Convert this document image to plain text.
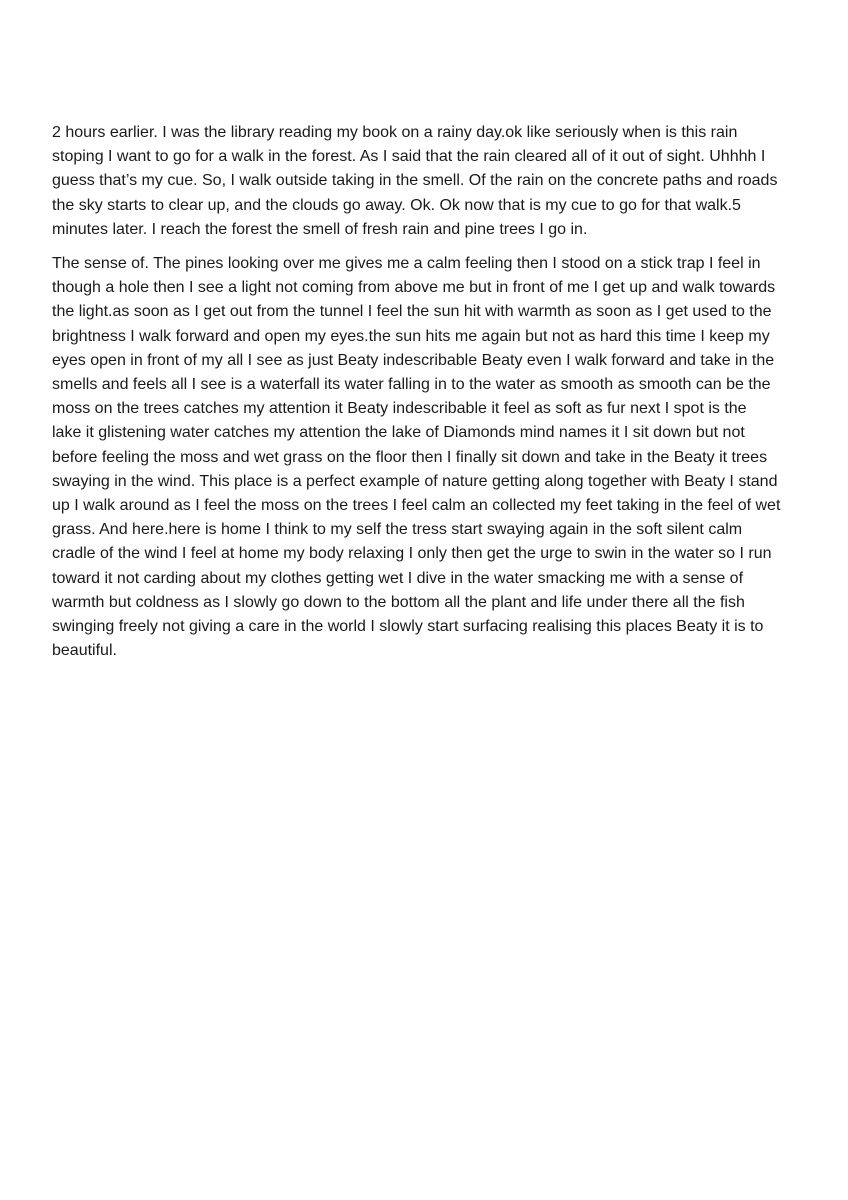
2 hours earlier. I was the library reading my book on a rainy day.ok like seriously when is this rain
stoping I want to go for a walk in the forest. As I said that the rain cleared all of it out of sight. Uhhhh I
guess that’s my cue. So, I walk outside taking in the smell. Of the rain on the concrete paths and roads
the sky starts to clear up, and the clouds go away. Ok. Ok now that is my cue to go for that walk.5
minutes later. I reach the forest the smell of fresh rain and pine trees I go in.

The sense of. The pines looking over me gives me a calm feeling then I stood on a stick trap I feel in
though a hole then I see a light not coming from above me but in front of me I get up and walk towards
the light.as soon as I get out from the tunnel I feel the sun hit with warmth as soon as I get used to the
brightness I walk forward and open my eyes.the sun hits me again but not as hard this time I keep my
eyes open in front of my all I see as just Beaty indescribable Beaty even I walk forward and take in the
smells and feels all I see is a waterfall its water falling in to the water as smooth as smooth can be the
moss on the trees catches my attention it Beaty indescribable it feel as soft as fur next I spot is the
lake it glistening water catches my attention the lake of Diamonds mind names it I sit down but not
before feeling the moss and wet grass on the floor then I finally sit down and take in the Beaty it trees
swaying in the wind. This place is a perfect example of nature getting along together with Beaty I stand
up I walk around as I feel the moss on the trees I feel calm an collected my feet taking in the feel of wet
grass. And here.here is home I think to my self the tress start swaying again in the soft silent calm
cradle of the wind I feel at home my body relaxing I only then get the urge to swin in the water so I run
toward it not carding about my clothes getting wet I dive in the water smacking me with a sense of
warmth but coldness as I slowly go down to the bottom all the plant and life under there all the fish
swinging freely not giving a care in the world I slowly start surfacing realising this places Beaty it is to
beautiful.
